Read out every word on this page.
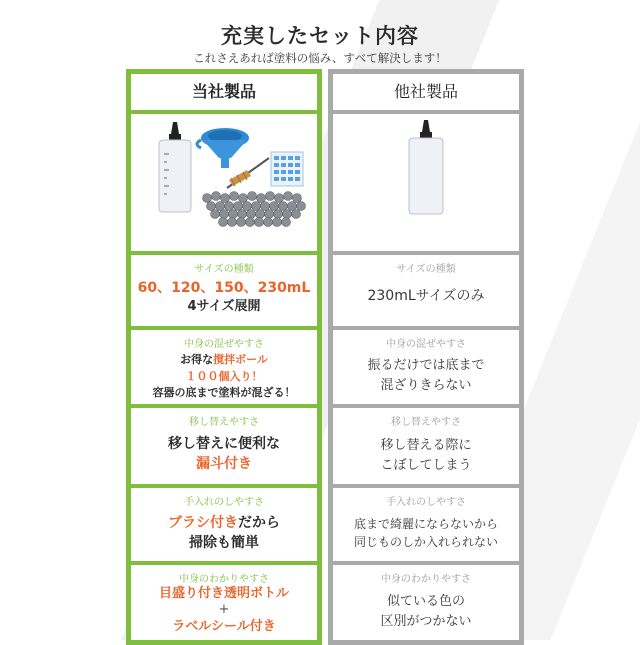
充実したセット内容
これさえあれば塗料の悩み、すべて解決します！
当社製品
サイズの種類
60、120、150、230mL
4サイズ展開
中身の混ぜやすさ
お得な撹拌ボール
１００個入り！
容器の底まで塗料が混ざる！
移し替えやすさ
移し替えに便利な
漏斗付き
手入れのしやすさ
ブラシ付きだから
掃除も簡単
中身のわかりやすさ
目盛り付き透明ボトル
+
ラベルシール付き
他社製品
サイズの種類
230mLサイズのみ
中身の混ぜやすさ
振るだけでは底まで
混ざりきらない
移し替えやすさ
移し替える際に
こぼしてしまう
手入れのしやすさ
底まで綺麗にならないから
同じものしか入れられない
中身のわかりやすさ
似ている色の
区別がつかない
